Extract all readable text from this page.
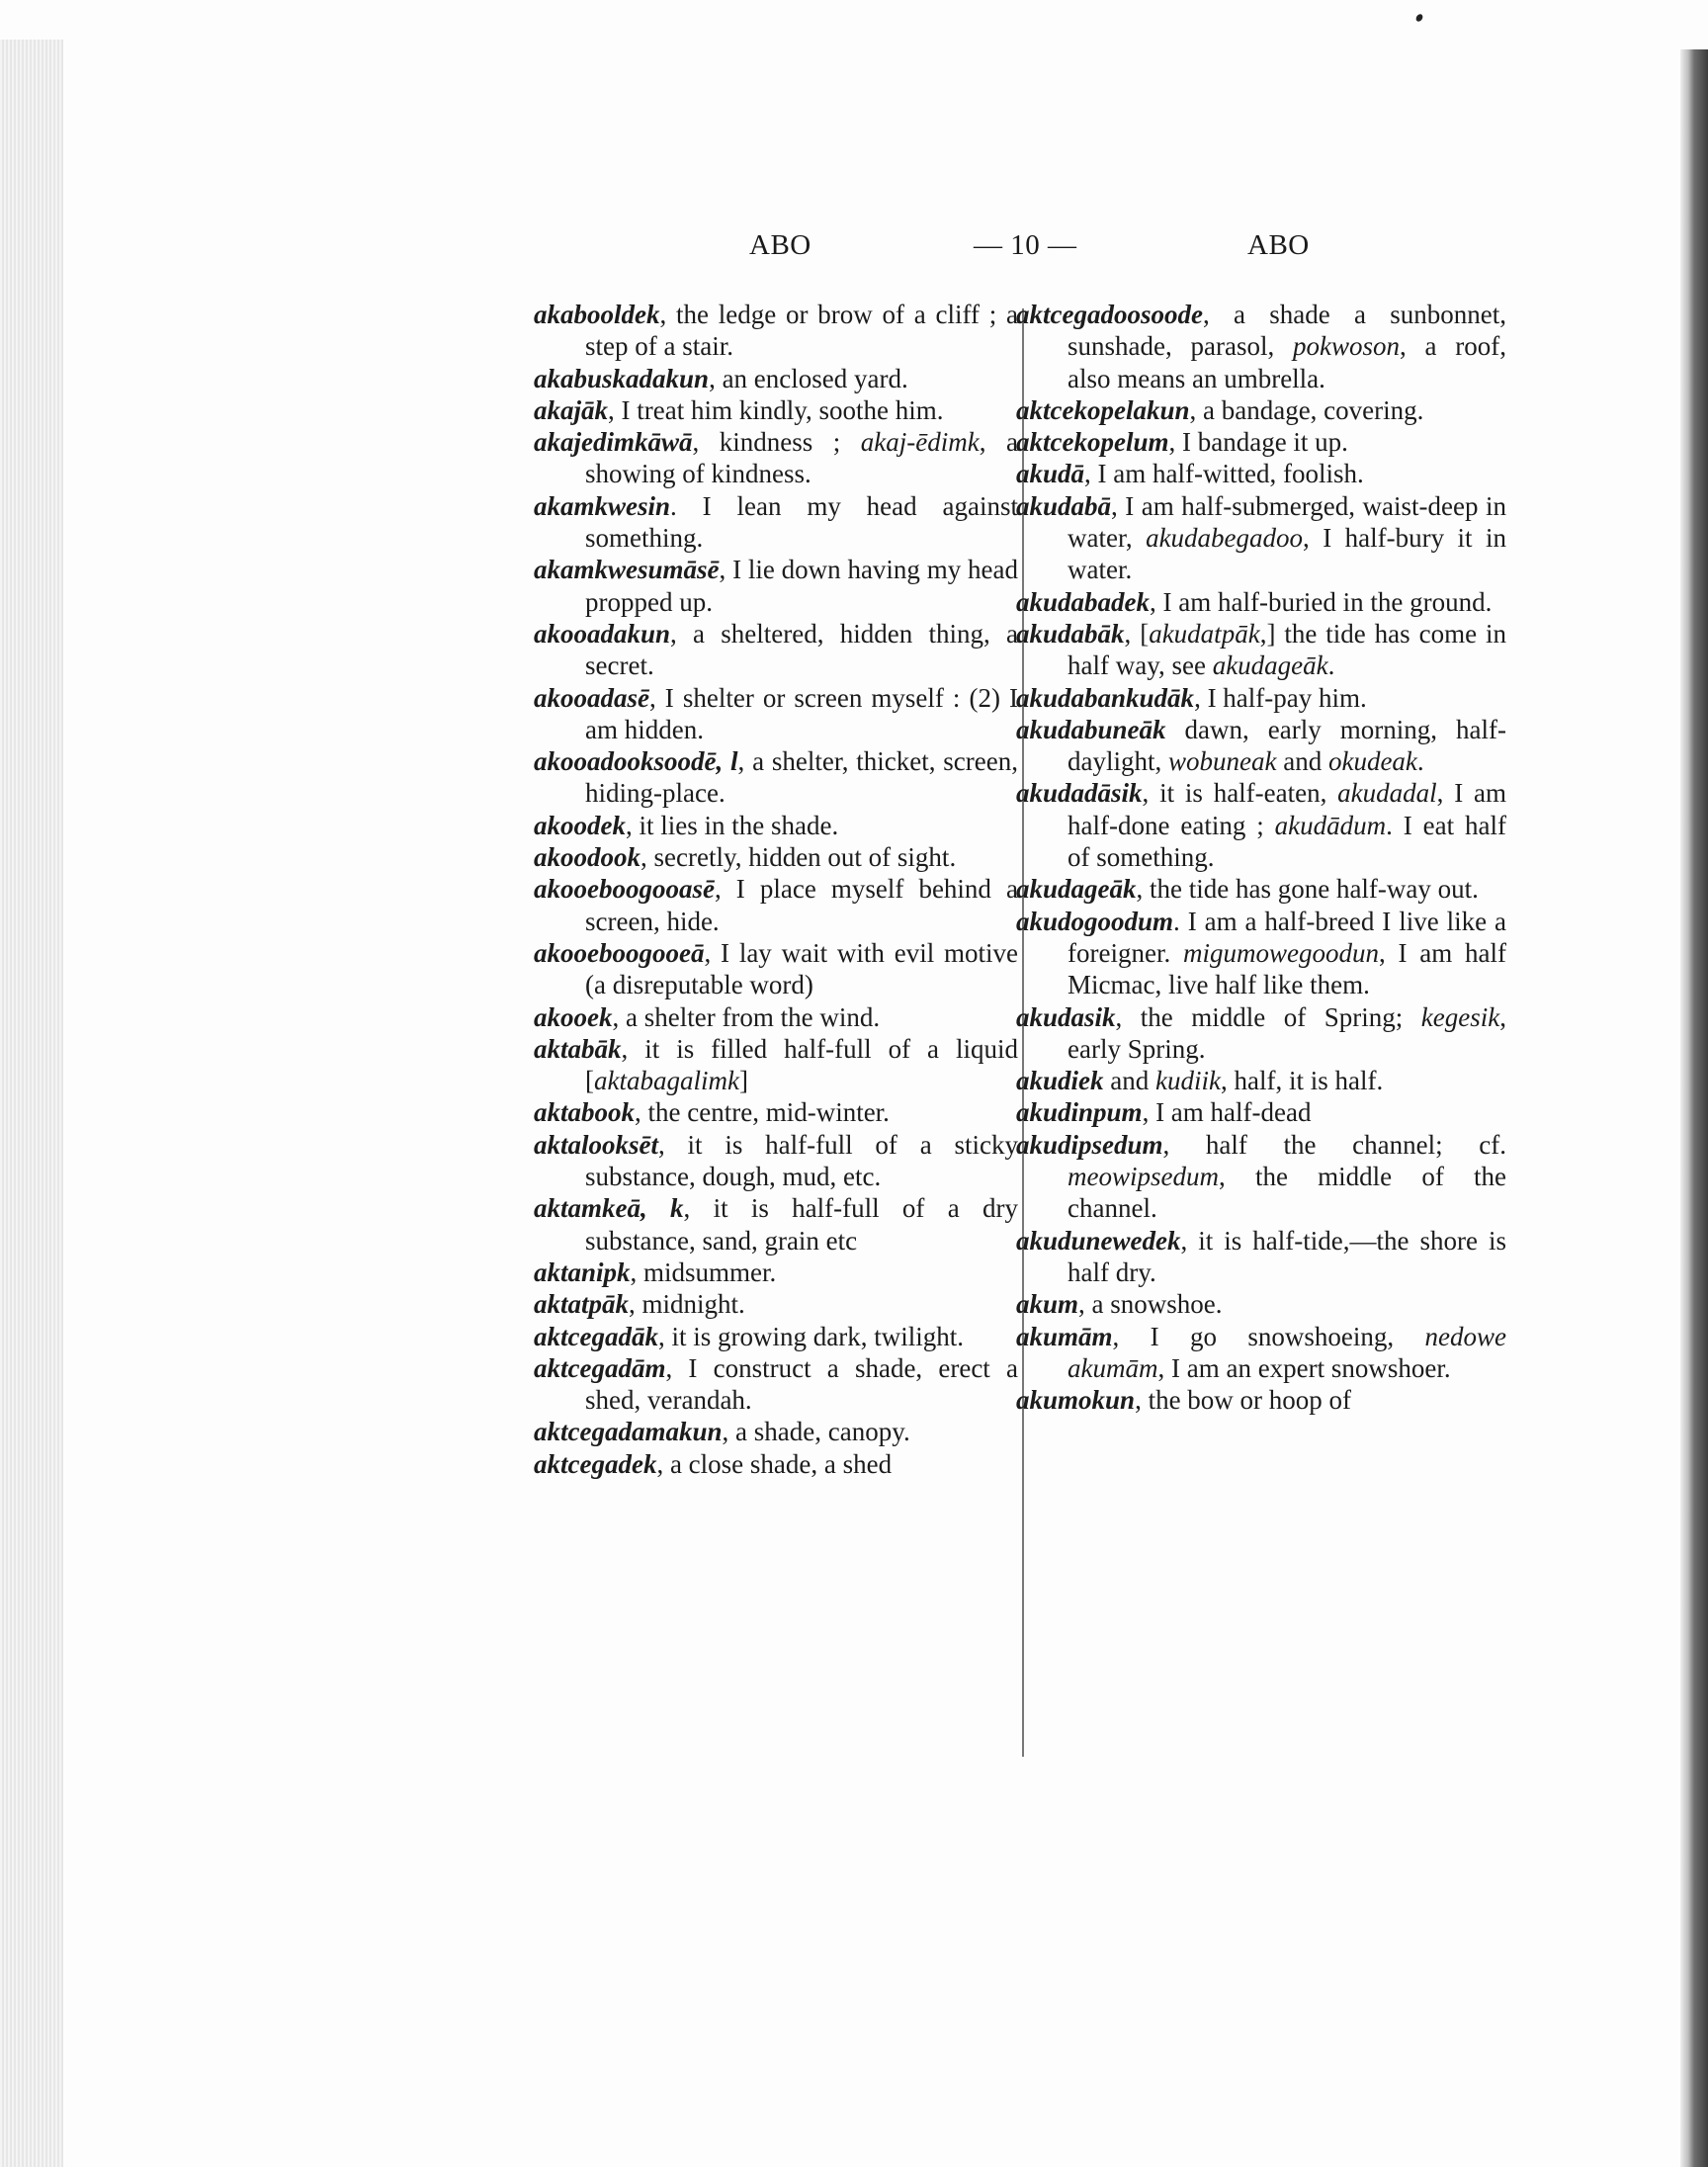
ABO	— 10 —	ABO

akabooldek, the ledge or brow of a cliff ; a step of a stair.

akabuskadakun, an enclosed yard.

akajāk, I treat him kindly, soothe him.

akajedimkāwā, kindness ; akaj-ēdimk, a showing of kindness.

akamkwesin. I lean my head against something.

akamkwesumāsē, I lie down having my head propped up.

akooadakun, a sheltered, hidden thing, a secret.

akooadasē, I shelter or screen myself : (2) I am hidden.

akooadooksoodē, l, a shelter, thicket, screen, hiding-place.

akoodek, it lies in the shade.

akoodook, secretly, hidden out of sight.

akooeboogooasē, I place myself behind a screen, hide.

akooeboogooeā, I lay wait with evil motive (a disreputable word)

akooek, a shelter from the wind.

aktabāk, it is filled half-full of a liquid [aktabagalimk]

aktabook, the centre, mid-winter.

aktalooksēt, it is half-full of a sticky substance, dough, mud, etc.

aktamkeā, k, it is half-full of a dry substance, sand, grain etc

aktanipk, midsummer.

aktatpāk, midnight.

aktcegadāk, it is growing dark, twilight.

aktcegadām, I construct a shade, erect a shed, verandah.

aktcegadamakun, a shade, canopy.

aktcegadek, a close shade, a shed

aktcegadoosoode, a shade a sunbonnet, sunshade, parasol, pokwoson, a roof, also means an umbrella.

aktcekopelakun, a bandage, covering.

aktcekopelum, I bandage it up.

akudā, I am half-witted, foolish.

akudabā, I am half-submerged, waist-deep in water, akudabegadoo, I half-bury it in water.

akudabadek, I am half-buried in the ground.

akudabāk, [akudatpāk,] the tide has come in half way, see akudageāk.

akudabankudāk, I half-pay him.

akudabuneāk dawn, early morning, half-daylight, wobuneak and okudeak.

akudadāsik, it is half-eaten, akudadal, I am half-done eating ; akudādum. I eat half of something.

akudageāk, the tide has gone half-way out.

akudogoodum. I am a half-breed I live like a foreigner. migumowegoodun, I am half Micmac, live half like them.

akudasik, the middle of Spring; kegesik, early Spring.

akudiek and kudiik, half, it is half.

akudinpum, I am half-dead

akudipsedum, half the channel; cf. meowipsedum, the middle of the channel.

akudunewedek, it is half-tide,—the shore is half dry.

akum, a snowshoe.

akumām, I go snowshoeing, nedowe akumām, I am an expert snowshoer.

akumokun, the bow or hoop of
